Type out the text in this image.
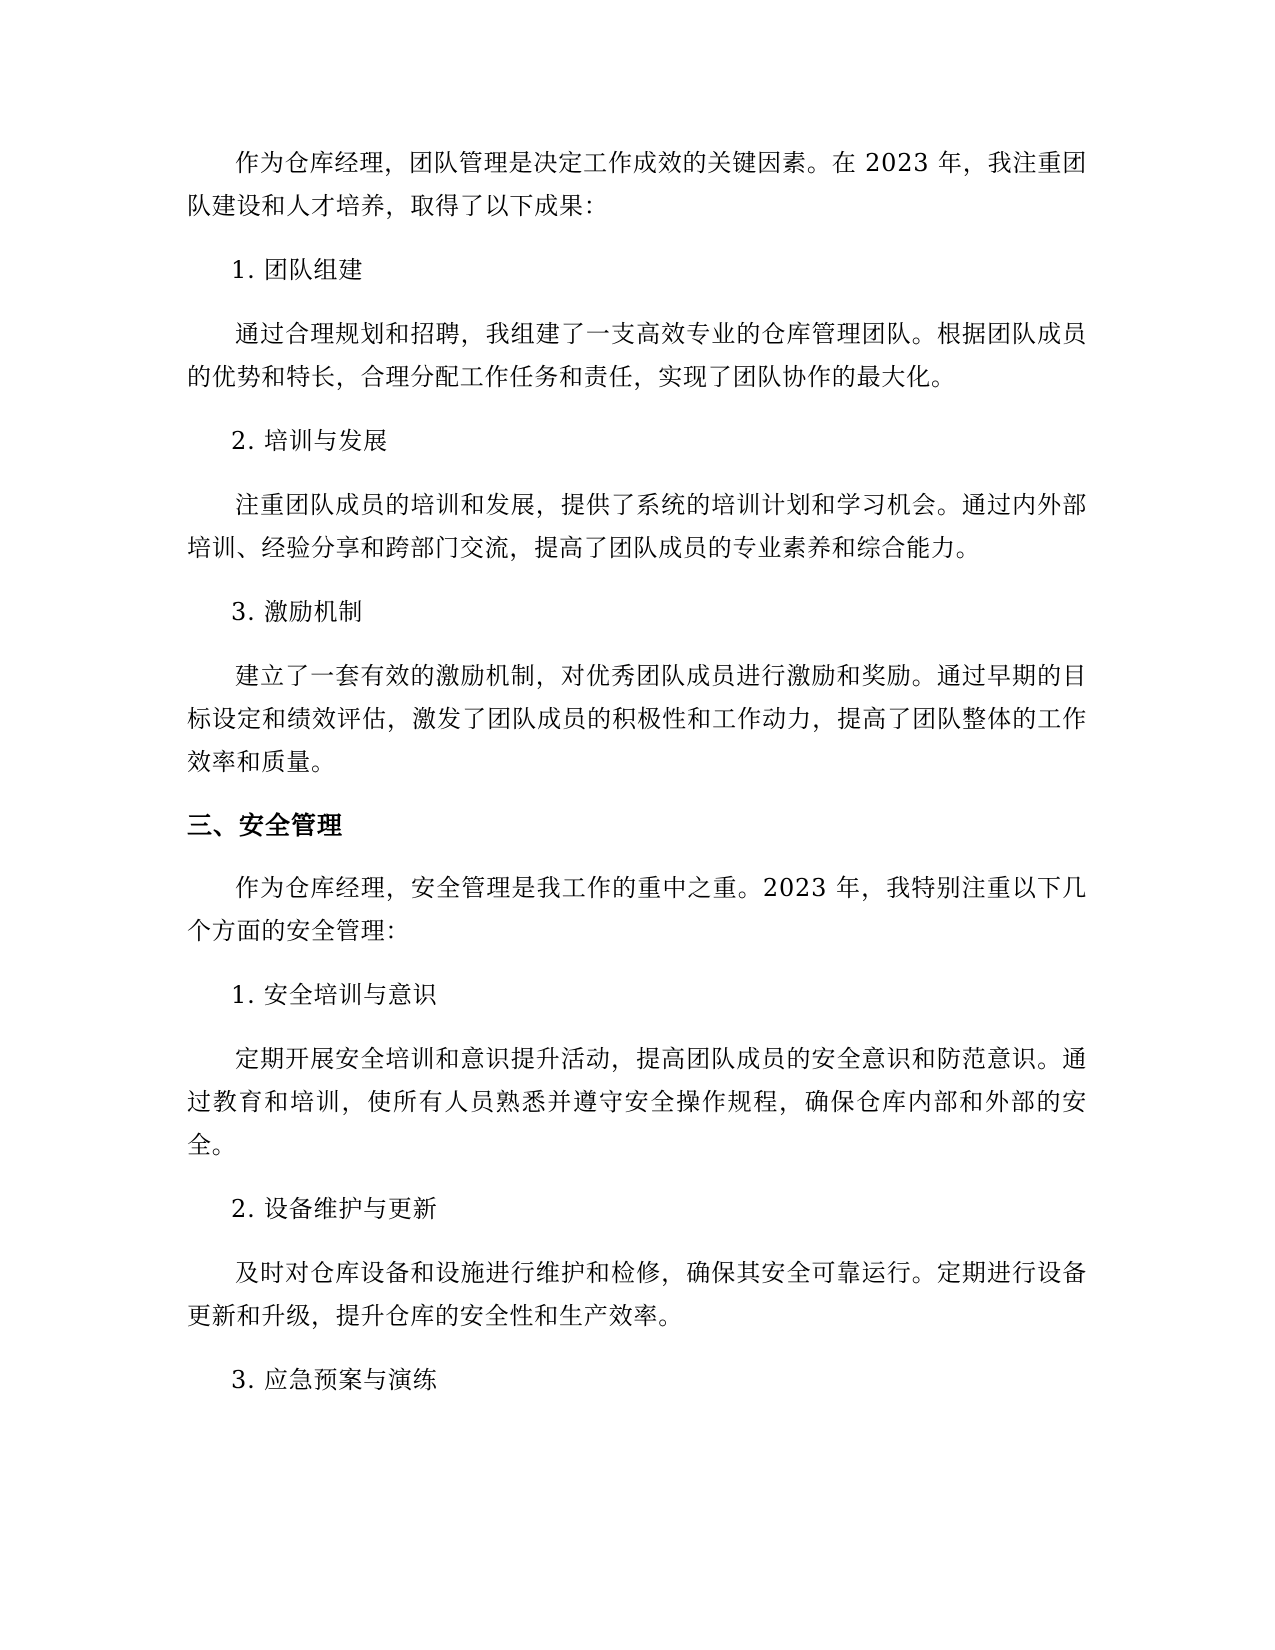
作为仓库经理，团队管理是决定工作成效的关键因素。在 2023 年，我注重团队建设和人才培养，取得了以下成果：

1. 团队组建

通过合理规划和招聘，我组建了一支高效专业的仓库管理团队。根据团队成员的优势和特长，合理分配工作任务和责任，实现了团队协作的最大化。

2. 培训与发展

注重团队成员的培训和发展，提供了系统的培训计划和学习机会。通过内外部培训、经验分享和跨部门交流，提高了团队成员的专业素养和综合能力。

3. 激励机制

建立了一套有效的激励机制，对优秀团队成员进行激励和奖励。通过早期的目标设定和绩效评估，激发了团队成员的积极性和工作动力，提高了团队整体的工作效率和质量。

三、安全管理

作为仓库经理，安全管理是我工作的重中之重。2023 年，我特别注重以下几个方面的安全管理：

1. 安全培训与意识

定期开展安全培训和意识提升活动，提高团队成员的安全意识和防范意识。通过教育和培训，使所有人员熟悉并遵守安全操作规程，确保仓库内部和外部的安全。

2. 设备维护与更新

及时对仓库设备和设施进行维护和检修，确保其安全可靠运行。定期进行设备更新和升级，提升仓库的安全性和生产效率。

3. 应急预案与演练
